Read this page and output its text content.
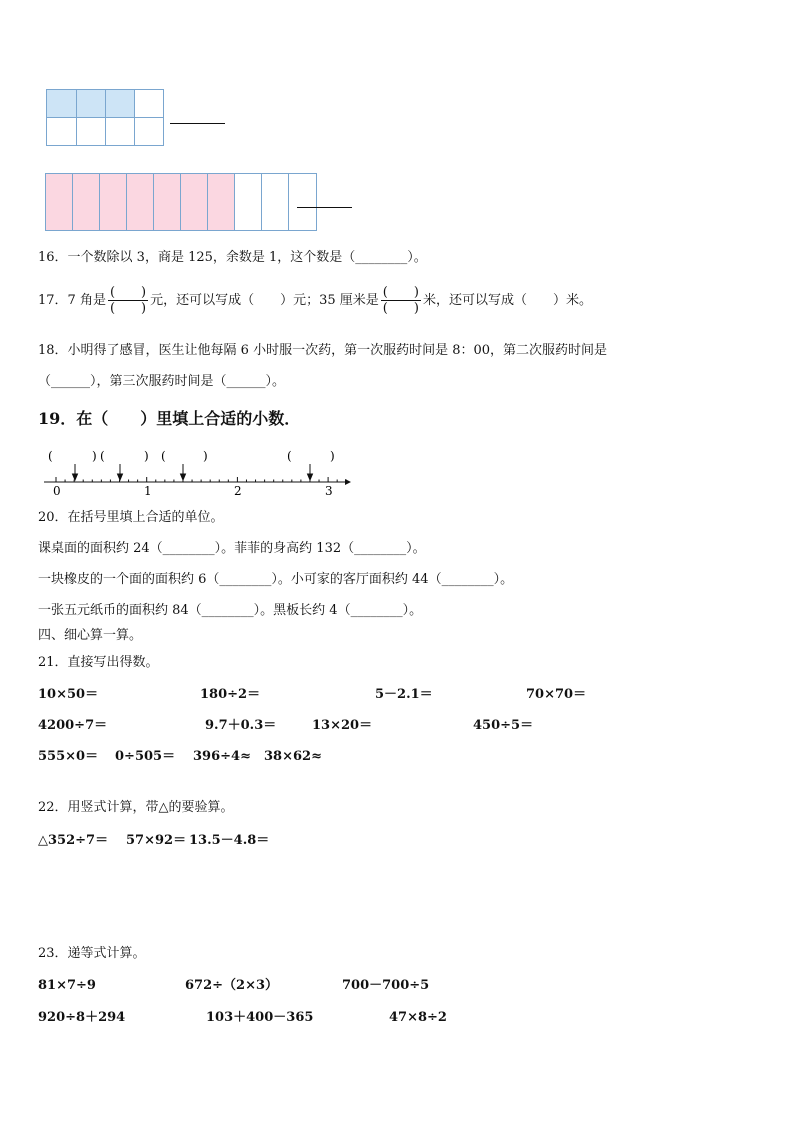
16．一个数除以 3，商是 125，余数是 1，这个数是（________）。
17．7 角是 $\frac{( )}{( )}$ 元，还可以写成（　　）元；35 厘米是 $\frac{( )}{( )}$ 米，还可以写成（　　）米。
18．小明得了感冒，医生让他每隔 6 小时服一次药，第一次服药时间是 8：00，第二次服药时间是
（______），第三次服药时间是（______）。
19．在（　　）里填上合适的小数．
(	) (	) (	)	(	)
0	1	2	3
20．在括号里填上合适的单位。
课桌面的面积约 24（________）。菲菲的身高约 132（________）。
一块橡皮的一个面的面积约 6（________）。小可家的客厅面积约 44（________）。
一张五元纸币的面积约 84（________）。黑板长约 4（________）。
四、细心算一算。
21．直接写出得数。
10×50＝	180÷2＝	5－2.1＝	70×70＝
4200÷7＝	9.7＋0.3＝	13×20＝	450÷5＝
555×0＝ 0÷505＝ 396÷4≈ 38×62≈
22．用竖式计算，带△的要验算。
△352÷7＝ 57×92＝ 13.5－4.8＝
23．递等式计算。
81×7÷9	672÷（2×3）	700－700÷5
920÷8＋294	103＋400－365	47×8÷2
